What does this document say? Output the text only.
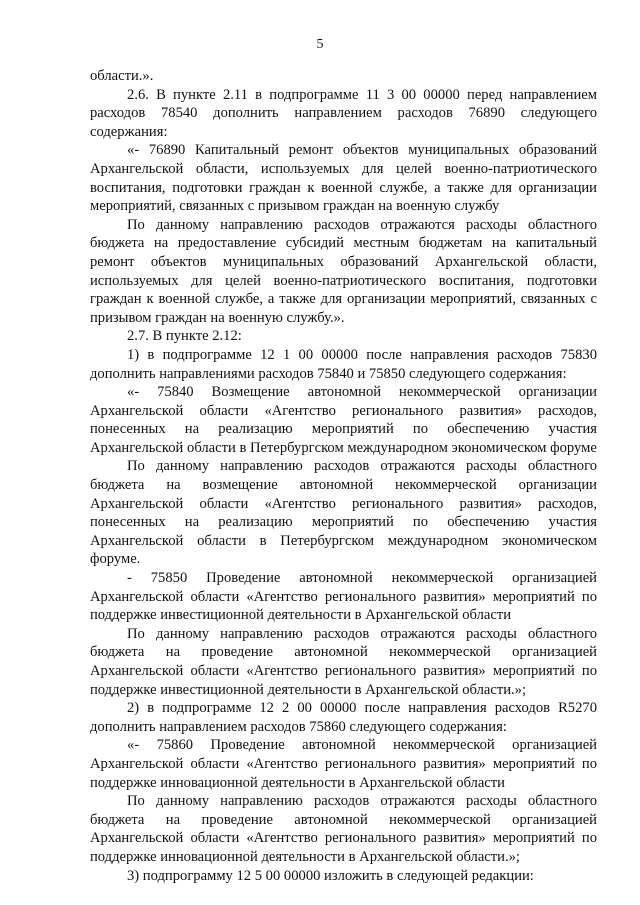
5

области.».

2.6. В пункте 2.11 в подпрограмме 11 3 00 00000 перед направлением расходов 78540 дополнить направлением расходов 76890 следующего содержания:

«- 76890 Капитальный ремонт объектов муниципальных образований Архангельской области, используемых для целей военно-патриотического воспитания, подготовки граждан к военной службе, а также для организации мероприятий, связанных с призывом граждан на военную службу

По данному направлению расходов отражаются расходы областного бюджета на предоставление субсидий местным бюджетам на капитальный ремонт объектов муниципальных образований Архангельской области, используемых для целей военно-патриотического воспитания, подготовки граждан к военной службе, а также для организации мероприятий, связанных с призывом граждан на военную службу.».

2.7. В пункте 2.12:

1) в подпрограмме 12 1 00 00000 после направления расходов 75830 дополнить направлениями расходов 75840 и 75850 следующего содержания:

«- 75840 Возмещение автономной некоммерческой организации Архангельской области «Агентство регионального развития» расходов, понесенных на реализацию мероприятий по обеспечению участия Архангельской области в Петербургском международном экономическом форуме

По данному направлению расходов отражаются расходы областного бюджета на возмещение автономной некоммерческой организации Архангельской области «Агентство регионального развития» расходов, понесенных на реализацию мероприятий по обеспечению участия Архангельской области в Петербургском международном экономическом форуме.

- 75850 Проведение автономной некоммерческой организацией Архангельской области «Агентство регионального развития» мероприятий по поддержке инвестиционной деятельности в Архангельской области

По данному направлению расходов отражаются расходы областного бюджета на проведение автономной некоммерческой организацией Архангельской области «Агентство регионального развития» мероприятий по поддержке инвестиционной деятельности в Архангельской области.»;

2) в подпрограмме 12 2 00 00000 после направления расходов R5270 дополнить направлением расходов 75860 следующего содержания:

«- 75860 Проведение автономной некоммерческой организацией Архангельской области «Агентство регионального развития» мероприятий по поддержке инновационной деятельности в Архангельской области

По данному направлению расходов отражаются расходы областного бюджета на проведение автономной некоммерческой организацией Архангельской области «Агентство регионального развития» мероприятий по поддержке инновационной деятельности в Архангельской области.»;

3) подпрограмму 12 5 00 00000 изложить в следующей редакции:
